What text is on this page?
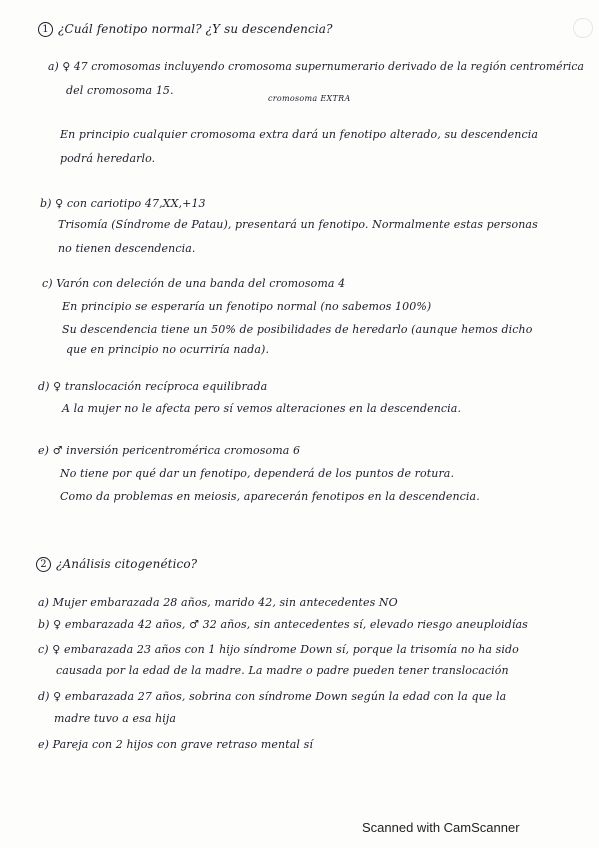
1 ¿Cuál fenotipo normal? ¿Y su descendencia?
a) ♀ 47 cromosomas incluyendo cromosoma supernumerario derivado de la región centromérica
del cromosoma 15.
cromosoma EXTRA
En principio cualquier cromosoma extra dará un fenotipo alterado, su descendencia
podrá heredarlo.
b) ♀ con cariotipo 47,XX,+13
Trisomía (Síndrome de Patau), presentará un fenotipo. Normalmente estas personas
no tienen descendencia.
c) Varón con deleción de una banda del cromosoma 4
En principio se esperaría un fenotipo normal (no sabemos 100%)
Su descendencia tiene un 50% de posibilidades de heredarlo (aunque hemos dicho
que en principio no ocurriría nada).
d) ♀ translocación recíproca equilibrada
A la mujer no le afecta pero sí vemos alteraciones en la descendencia.
e) ♂ inversión pericentromérica cromosoma 6
No tiene por qué dar un fenotipo, dependerá de los puntos de rotura.
Como da problemas en meiosis, aparecerán fenotipos en la descendencia.
2 ¿Análisis citogenético?
a) Mujer embarazada 28 años, marido 42, sin antecedentes NO
b) ♀ embarazada 42 años, ♂ 32 años, sin antecedentes sí, elevado riesgo aneuploidías
c) ♀ embarazada 23 años con 1 hijo síndrome Down sí, porque la trisomía no ha sido
causada por la edad de la madre. La madre o padre pueden tener translocación
d) ♀ embarazada 27 años, sobrina con síndrome Down según la edad con la que la
madre tuvo a esa hija
e) Pareja con 2 hijos con grave retraso mental sí
Scanned with CamScanner
